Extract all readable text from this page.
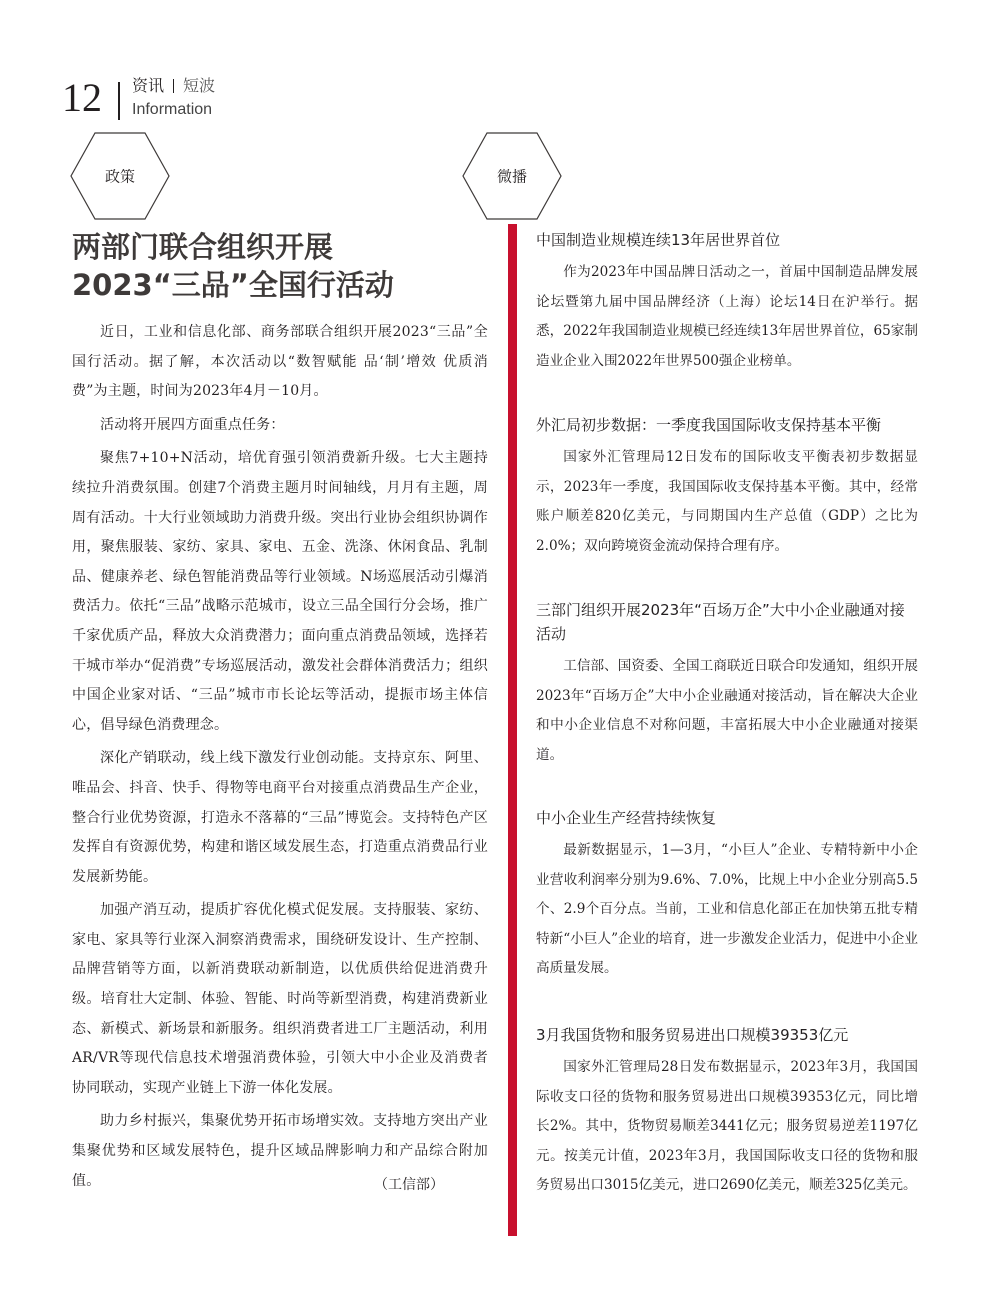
12 资讯 短波
Information
政策	微播
两部门联合组织开展
2023“三品”全国行活动

近日，工业和信息化部、商务部联合组织开展2023“三品”全国行活动。据了解，本次活动以“数智赋能 品‘制’增效 优质消费”为主题，时间为2023年4月－10月。

活动将开展四方面重点任务：

聚焦7+10+N活动，培优育强引领消费新升级。七大主题持续拉升消费氛围。创建7个消费主题月时间轴线，月月有主题，周周有活动。十大行业领域助力消费升级。突出行业协会组织协调作用，聚焦服装、家纺、家具、家电、五金、洗涤、休闲食品、乳制品、健康养老、绿色智能消费品等行业领域。N场巡展活动引爆消费活力。依托“三品”战略示范城市，设立三品全国行分会场，推广千家优质产品，释放大众消费潜力；面向重点消费品领域，选择若干城市举办“促消费”专场巡展活动，激发社会群体消费活力；组织中国企业家对话、“三品”城市市长论坛等活动，提振市场主体信心，倡导绿色消费理念。

深化产销联动，线上线下激发行业创动能。支持京东、阿里、唯品会、抖音、快手、得物等电商平台对接重点消费品生产企业，整合行业优势资源，打造永不落幕的“三品”博览会。支持特色产区发挥自有资源优势，构建和谐区域发展生态，打造重点消费品行业发展新势能。

加强产消互动，提质扩容优化模式促发展。支持服装、家纺、家电、家具等行业深入洞察消费需求，围绕研发设计、生产控制、品牌营销等方面，以新消费联动新制造，以优质供给促进消费升级。培育壮大定制、体验、智能、时尚等新型消费，构建消费新业态、新模式、新场景和新服务。组织消费者进工厂主题活动，利用AR/VR等现代信息技术增强消费体验，引领大中小企业及消费者协同联动，实现产业链上下游一体化发展。

助力乡村振兴，集聚优势开拓市场增实效。支持地方突出产业集聚优势和区域发展特色，提升区域品牌影响力和产品综合附加值。	（工信部）
中国制造业规模连续13年居世界首位

作为2023年中国品牌日活动之一，首届中国制造品牌发展论坛暨第九届中国品牌经济（上海）论坛14日在沪举行。据悉，2022年我国制造业规模已经连续13年居世界首位，65家制造业企业入围2022年世界500强企业榜单。

外汇局初步数据：一季度我国国际收支保持基本平衡

国家外汇管理局12日发布的国际收支平衡表初步数据显示，2023年一季度，我国国际收支保持基本平衡。其中，经常账户顺差820亿美元，与同期国内生产总值（GDP）之比为2.0%；双向跨境资金流动保持合理有序。

三部门组织开展2023年“百场万企”大中小企业融通对接活动

工信部、国资委、全国工商联近日联合印发通知，组织开展2023年“百场万企”大中小企业融通对接活动，旨在解决大企业和中小企业信息不对称问题，丰富拓展大中小企业融通对接渠道。

中小企业生产经营持续恢复

最新数据显示，1—3月，“小巨人”企业、专精特新中小企业营收利润率分别为9.6%、7.0%，比规上中小企业分别高5.5个、2.9个百分点。当前，工业和信息化部正在加快第五批专精特新“小巨人”企业的培育，进一步激发企业活力，促进中小企业高质量发展。

3月我国货物和服务贸易进出口规模39353亿元

国家外汇管理局28日发布数据显示，2023年3月，我国国际收支口径的货物和服务贸易进出口规模39353亿元，同比增长2%。其中，货物贸易顺差3441亿元；服务贸易逆差1197亿元。按美元计值，2023年3月，我国国际收支口径的货物和服务贸易出口3015亿美元，进口2690亿美元，顺差325亿美元。
